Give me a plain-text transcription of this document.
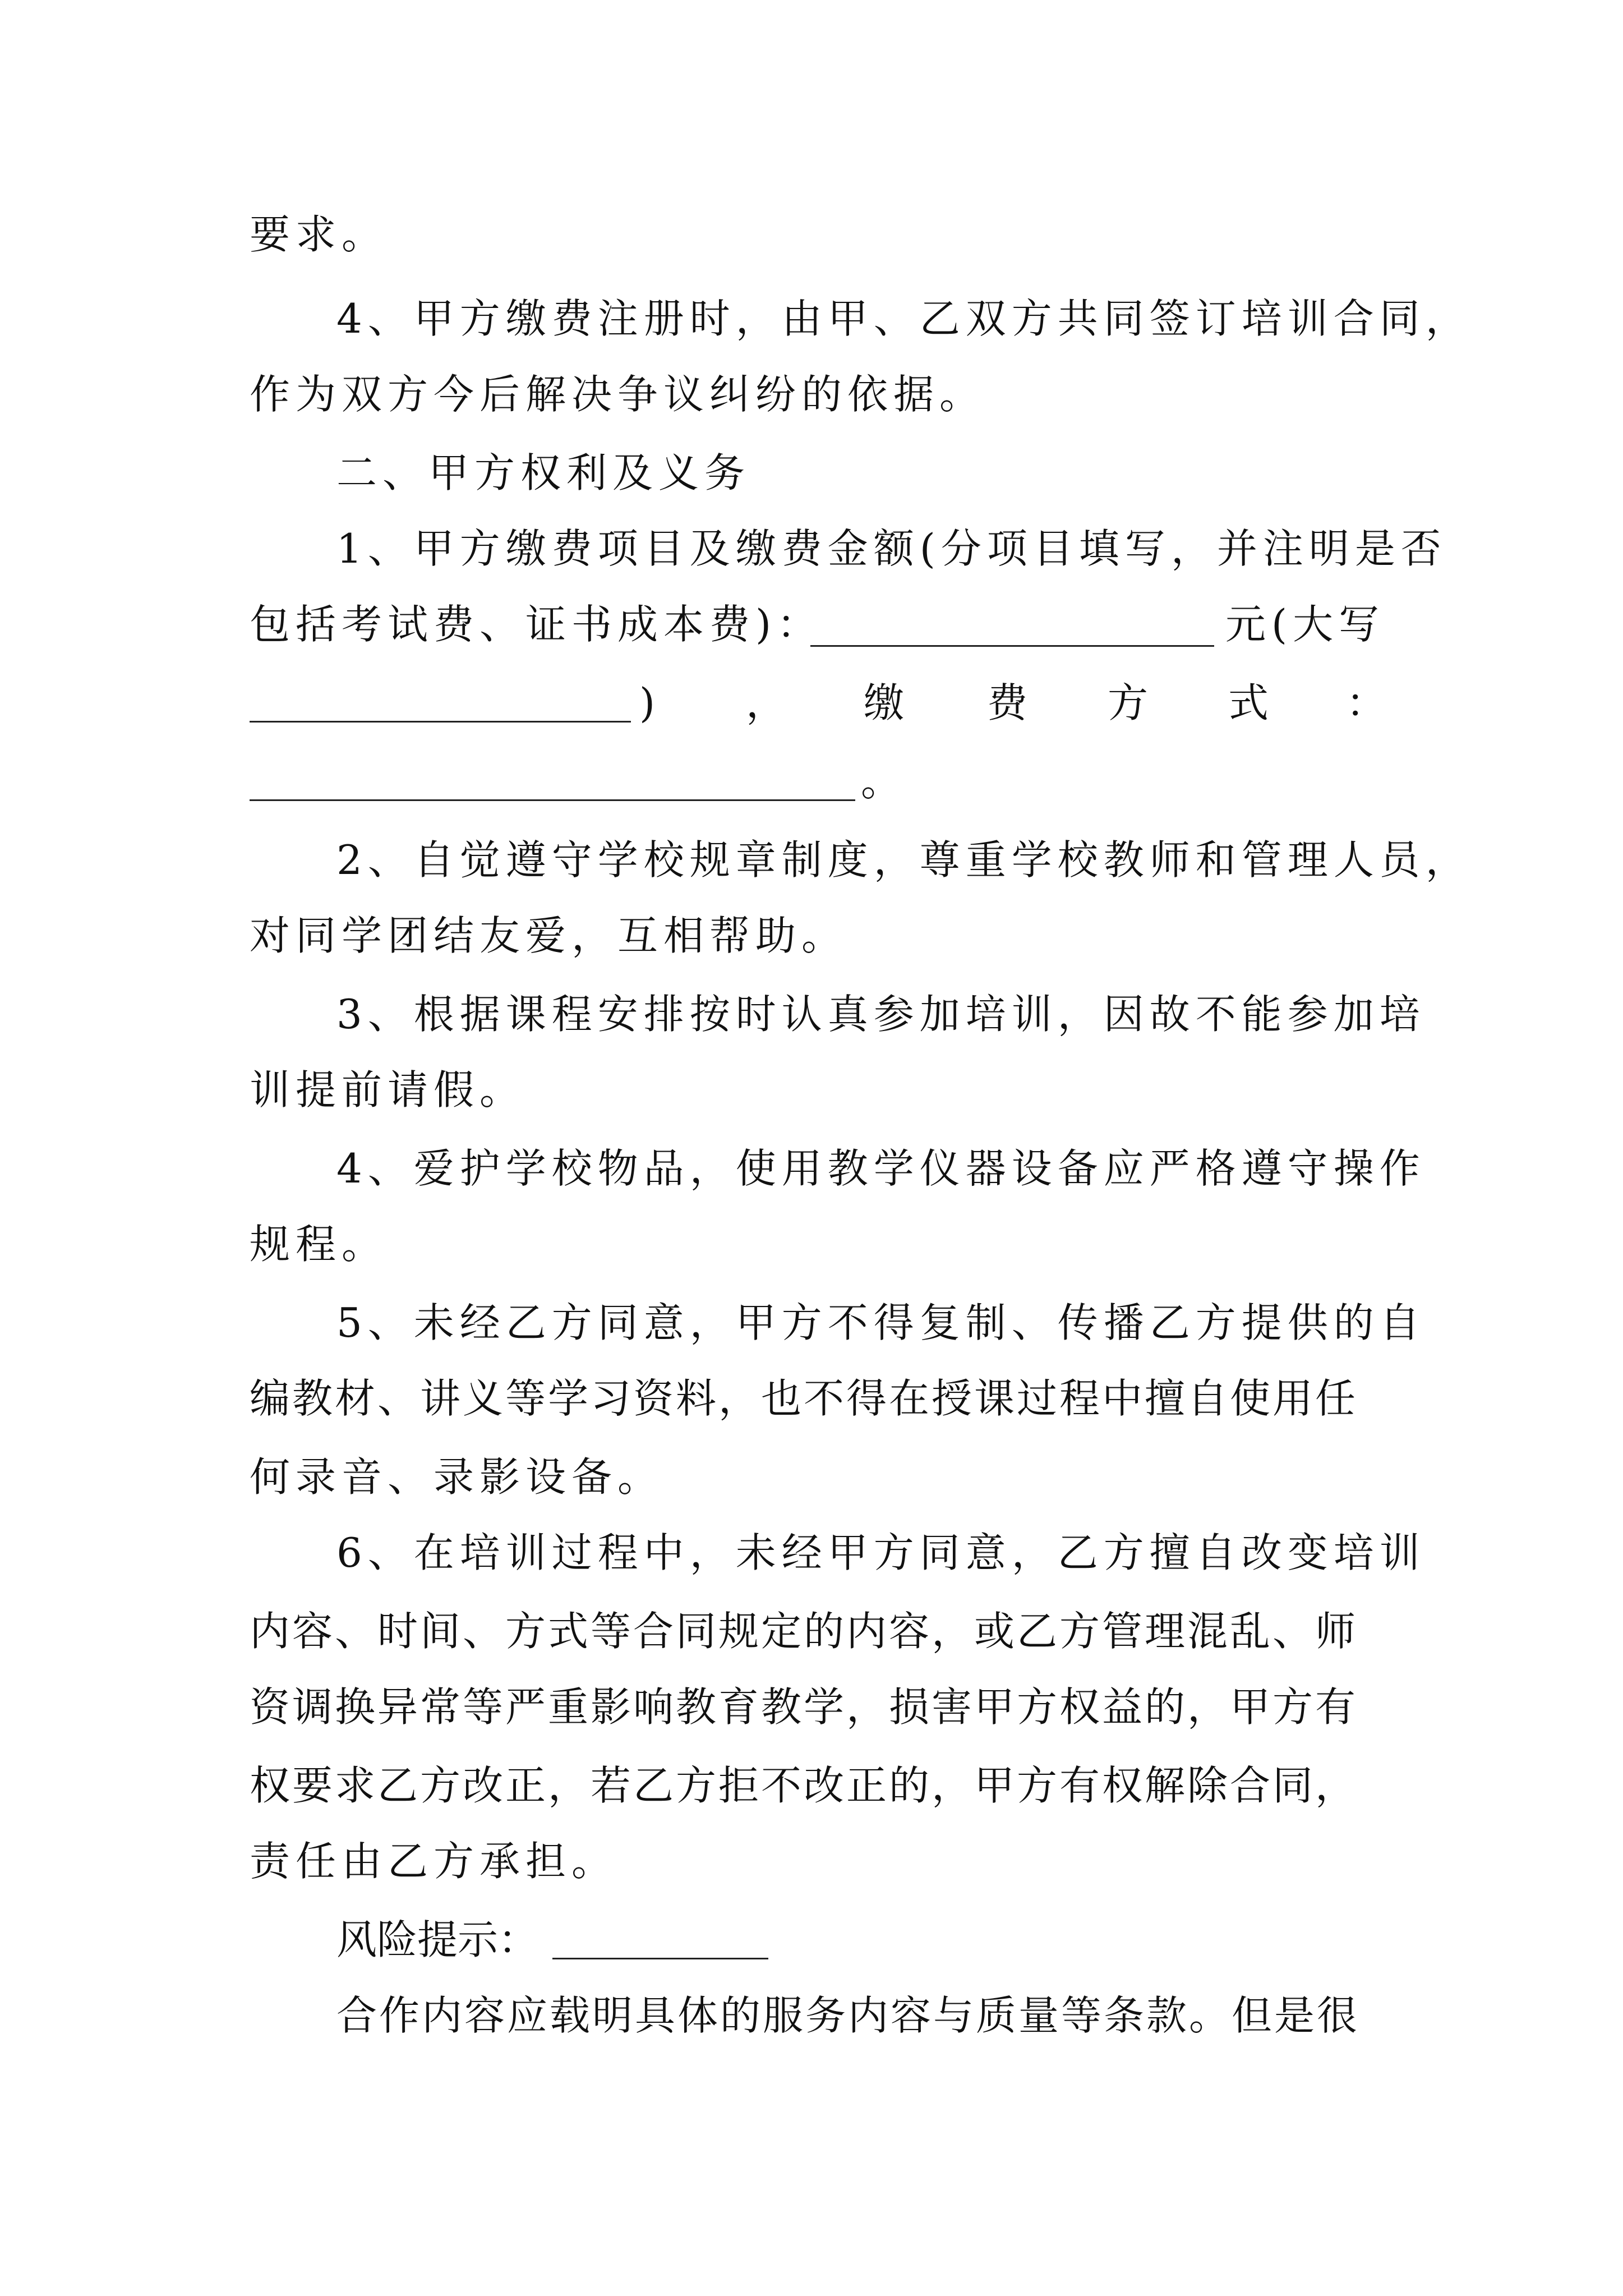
要求。
4、甲方缴费注册时，由甲、乙双方共同签订培训合同，
作为双方今后解决争议纠纷的依据。
二、甲方权利及义务
1、甲方缴费项目及缴费金额(分项目填写，并注明是否
包括考试费、证书成本费)：	元(大写
) ， 缴 费 方 式 ：
。
2、自觉遵守学校规章制度，尊重学校教师和管理人员，
对同学团结友爱，互相帮助。
3、根据课程安排按时认真参加培训，因故不能参加培
训提前请假。
4、爱护学校物品，使用教学仪器设备应严格遵守操作
规程。
5、未经乙方同意，甲方不得复制、传播乙方提供的自
编教材、讲义等学习资料，也不得在授课过程中擅自使用任
何录音、录影设备。
6、在培训过程中，未经甲方同意，乙方擅自改变培训
内容、时间、方式等合同规定的内容，或乙方管理混乱、师
资调换异常等严重影响教育教学，损害甲方权益的，甲方有
权要求乙方改正，若乙方拒不改正的，甲方有权解除合同，
责任由乙方承担。
风险提示：
合作内容应载明具体的服务内容与质量等条款。但是很
